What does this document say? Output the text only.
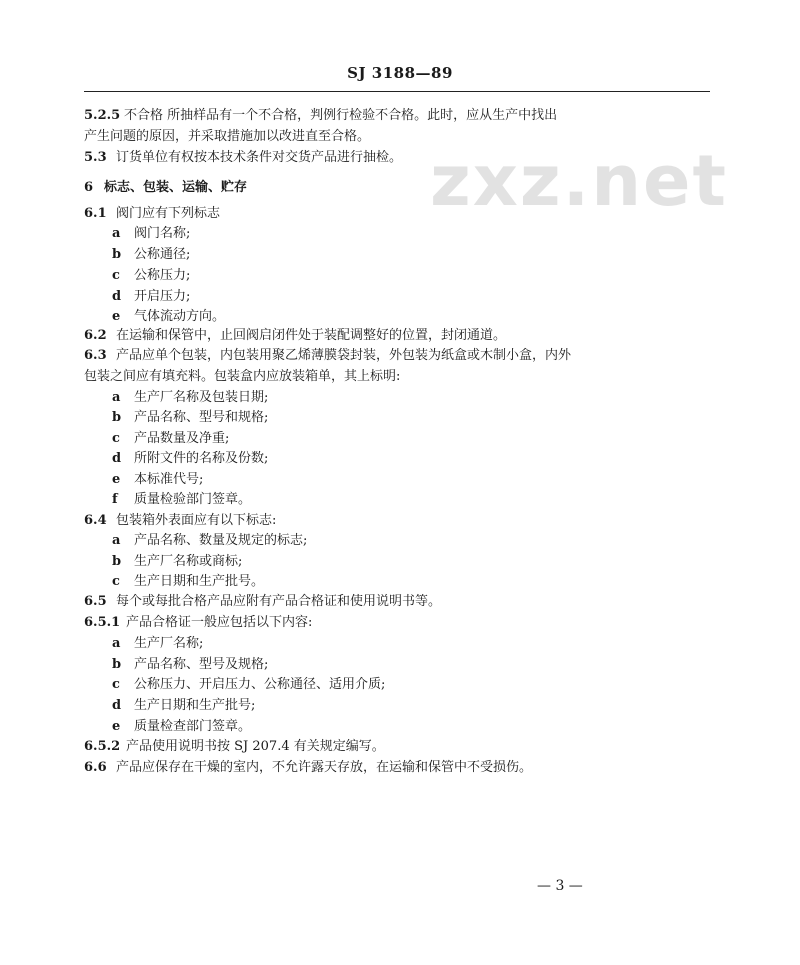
SJ 3188—89
zxz.net
5.2.5 不合格 所抽样品有一个不合格，判例行检验不合格。此时，应从生产中找出
产生问题的原因，并采取措施加以改进直至合格。
5.3 订货单位有权按本技术条件对交货产品进行抽检。
6 标志、包装、运输、贮存
6.1 阀门应有下列标志
a 阀门名称;
b 公称通径;
c 公称压力;
d 开启压力;
e 气体流动方向。
6.2 在运输和保管中，止回阀启闭件处于装配调整好的位置，封闭通道。
6.3 产品应单个包装，内包装用聚乙烯薄膜袋封装，外包装为纸盒或木制小盒，内外
包装之间应有填充料。包装盒内应放装箱单，其上标明:
a 生产厂名称及包装日期;
b 产品名称、型号和规格;
c 产品数量及净重;
d 所附文件的名称及份数;
e 本标准代号;
f 质量检验部门签章。
6.4 包装箱外表面应有以下标志:
a 产品名称、数量及规定的标志;
b 生产厂名称或商标;
c 生产日期和生产批号。
6.5 每个或每批合格产品应附有产品合格证和使用说明书等。
6.5.1 产品合格证一般应包括以下内容:
a 生产厂名称;
b 产品名称、型号及规格;
c 公称压力、开启压力、公称通径、适用介质;
d 生产日期和生产批号;
e 质量检查部门签章。
6.5.2 产品使用说明书按 SJ 207.4 有关规定编写。
6.6 产品应保存在干燥的室内，不允许露天存放，在运输和保管中不受损伤。
— 3 —
